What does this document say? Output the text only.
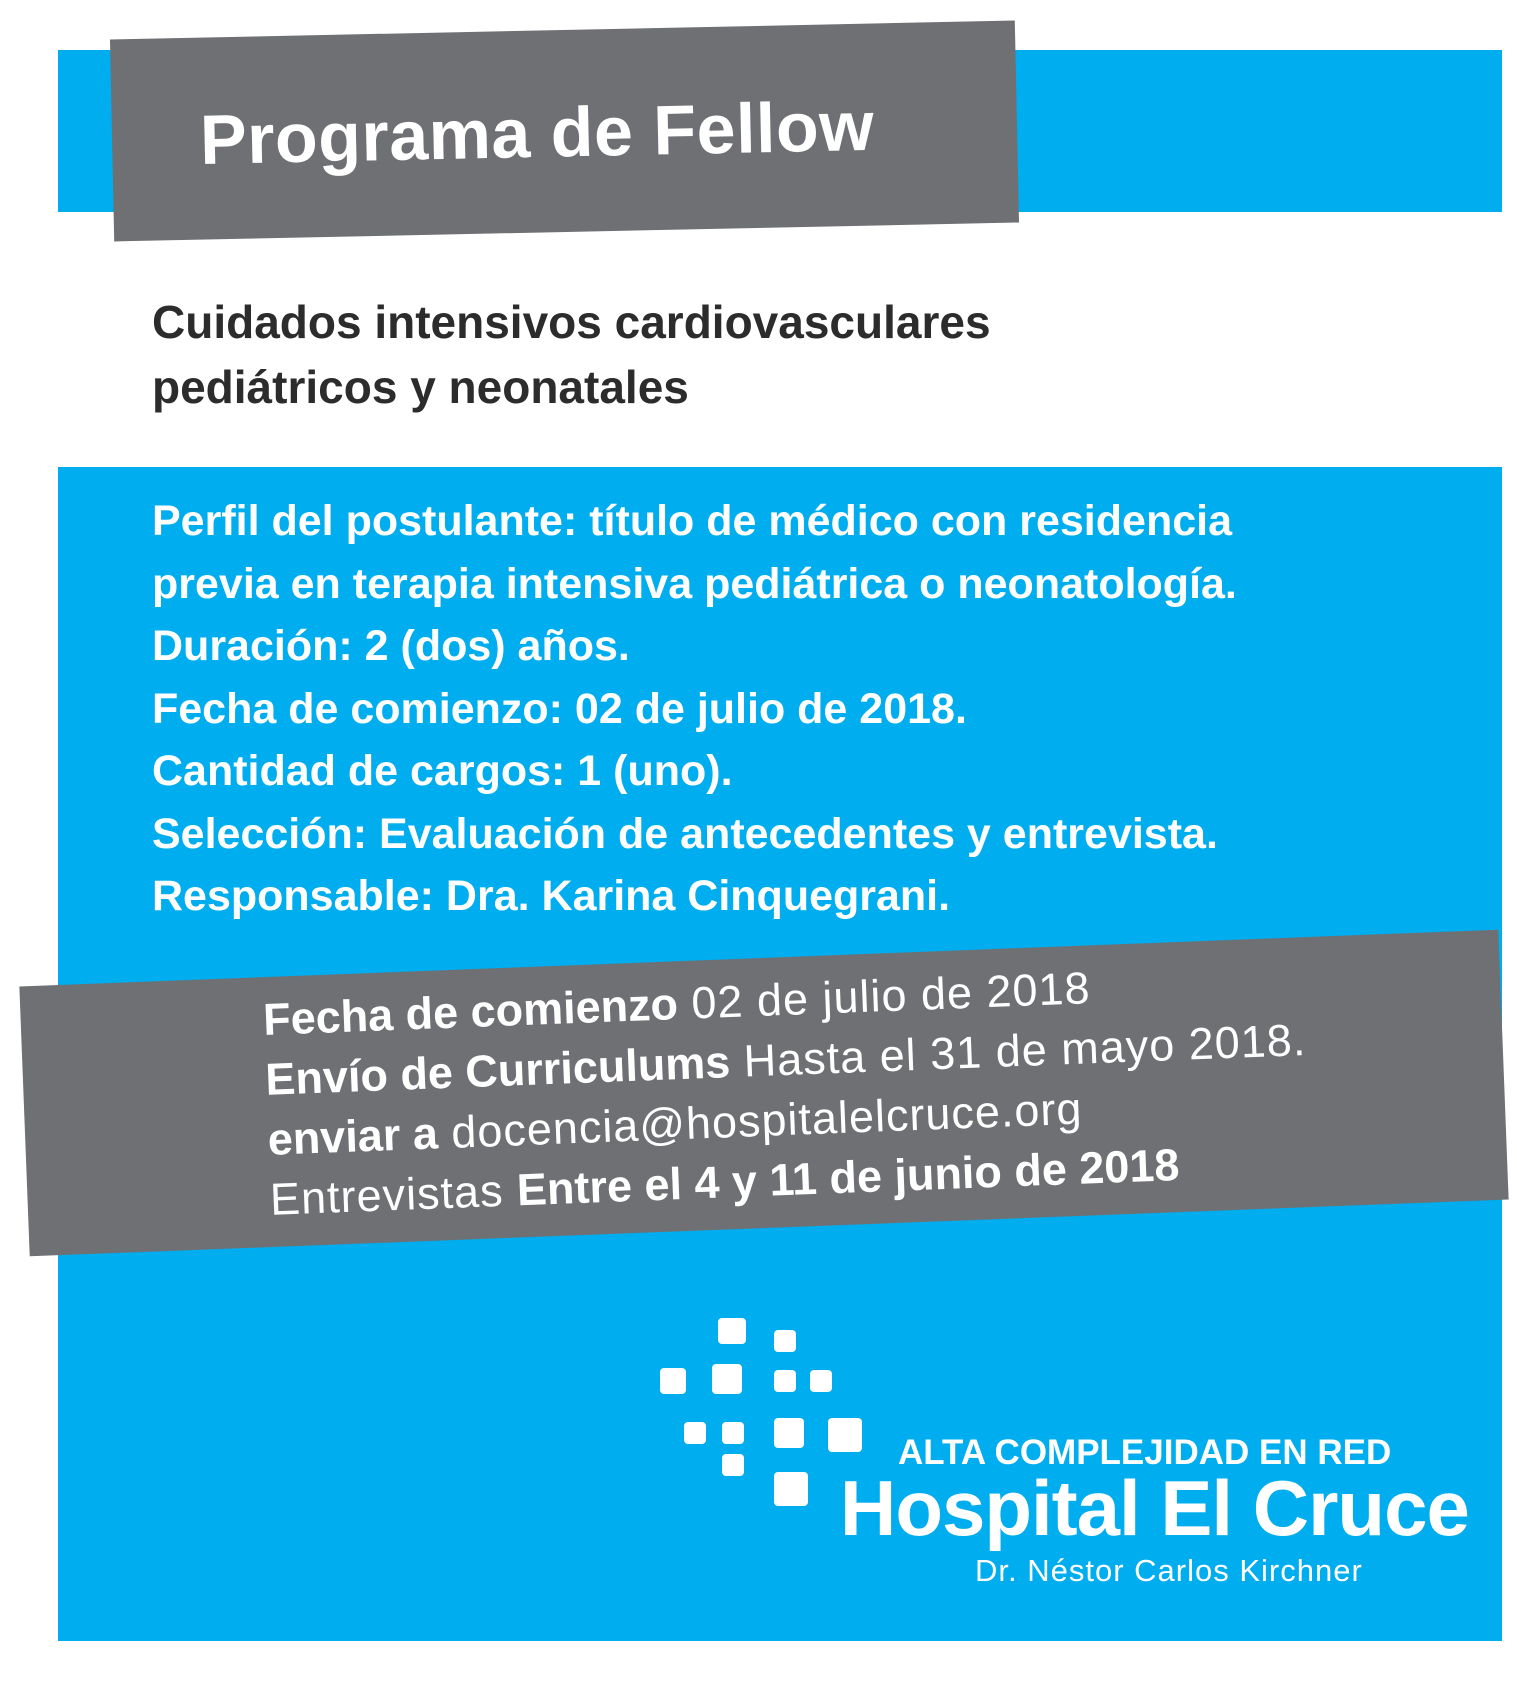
Programa de Fellow
Cuidados intensivos cardiovasculares
pediátricos y neonatales
Perfil del postulante: título de médico con residencia
previa en terapia intensiva pediátrica o neonatología.
Duración: 2 (dos) años.
Fecha de comienzo: 02 de julio de 2018.
Cantidad de cargos: 1 (uno).
Selección: Evaluación de antecedentes y entrevista.
Responsable: Dra. Karina Cinquegrani.
Fecha de comienzo 02 de julio de 2018
Envío de Curriculums Hasta el 31 de mayo 2018.
enviar a docencia@hospitalelcruce.org
Entrevistas Entre el 4 y 11 de junio de 2018
ALTA COMPLEJIDAD EN RED
Hospital El Cruce
Dr. Néstor Carlos Kirchner
